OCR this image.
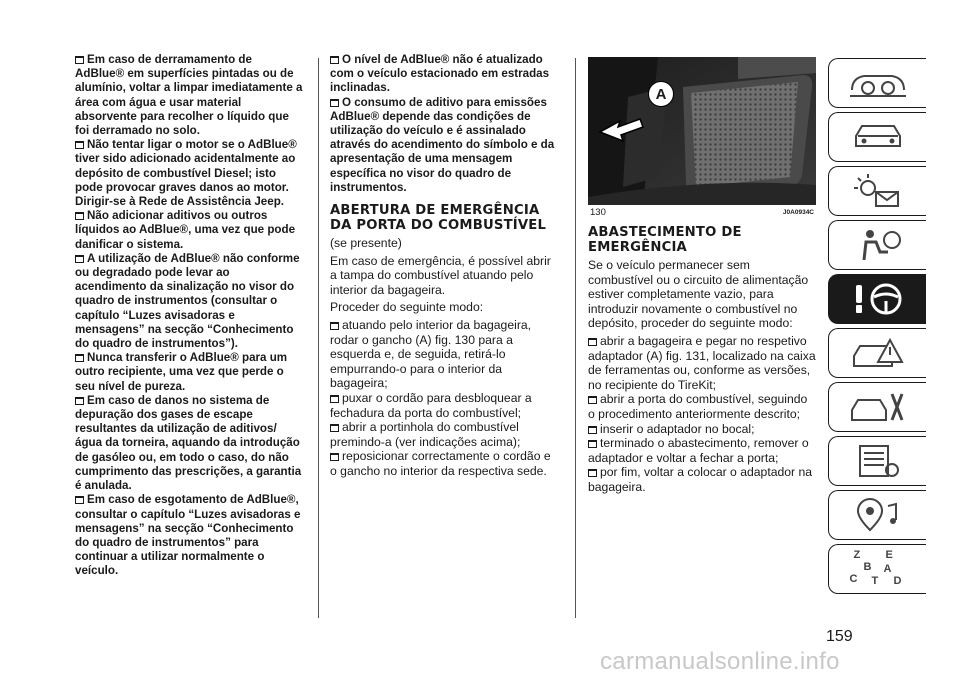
Em caso de derramamento de AdBlue® em superfícies pintadas ou de alumínio, voltar a limpar imediatamente a área com água e usar material absorvente para recolher o líquido que foi derramado no solo.

Não tentar ligar o motor se o AdBlue® tiver sido adicionado acidentalmente ao depósito de combustível Diesel; isto pode provocar graves danos ao motor. Dirigir-se à Rede de Assistência Jeep.

Não adicionar aditivos ou outros líquidos ao AdBlue®, uma vez que pode danificar o sistema.

A utilização de AdBlue® não conforme ou degradado pode levar ao acendimento da sinalização no visor do quadro de instrumentos (consultar o capítulo “Luzes avisadoras e mensagens” na secção “Conhecimento do quadro de instrumentos”).

Nunca transferir o AdBlue® para um outro recipiente, uma vez que perde o seu nível de pureza.

Em caso de danos no sistema de depuração dos gases de escape resultantes da utilização de aditivos/água da torneira, aquando da introdução de gasóleo ou, em todo o caso, do não cumprimento das prescrições, a garantia é anulada.

Em caso de esgotamento de AdBlue®, consultar o capítulo “Luzes avisadoras e mensagens” na secção “Conhecimento do quadro de instrumentos” para continuar a utilizar normalmente o veículo.

O nível de AdBlue® não é atualizado com o veículo estacionado em estradas inclinadas.

O consumo de aditivo para emissões AdBlue® depende das condições de utilização do veículo e é assinalado através do acendimento do símbolo e da apresentação de uma mensagem específica no visor do quadro de instrumentos.

ABERTURA DE EMERGÊNCIA DA PORTA DO COMBUSTÍVEL

(se presente)

Em caso de emergência, é possível abrir a tampa do combustível atuando pelo interior da bagageira.

Proceder do seguinte modo:

atuando pelo interior da bagageira, rodar o gancho (A) fig. 130 para a esquerda e, de seguida, retirá-lo empurrando-o para o interior da bagageira;

puxar o cordão para desbloquear a fechadura da porta do combustível;

abrir a portinhola do combustível premindo-a (ver indicações acima);

reposicionar correctamente o cordão e o gancho no interior da respectiva sede.

A
130	J0A0934C
ABASTECIMENTO DE EMERGÊNCIA

Se o veículo permanecer sem combustível ou o circuito de alimentação estiver completamente vazio, para introduzir novamente o combustível no depósito, proceder do seguinte modo:

abrir a bagageira e pegar no respetivo adaptador (A) fig. 131, localizado na caixa de ferramentas ou, conforme as versões, no recipiente do TireKit;

abrir a porta do combustível, seguindo o procedimento anteriormente descrito;

inserir o adaptador no bocal;

terminado o abastecimento, remover o adaptador e voltar a fechar a porta;

por fim, voltar a colocar o adaptador na bagageira.

Z E
B A
C T D
159
carmanualsonline.info
